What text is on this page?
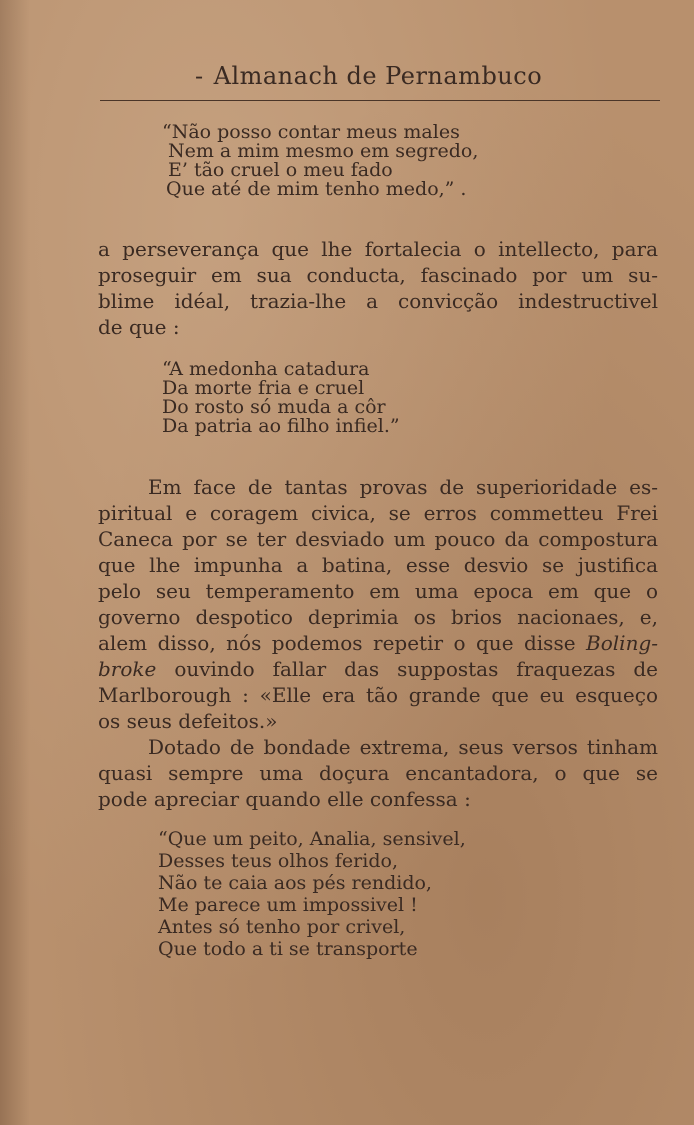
- Almanach de Pernambuco
“Não posso contar meus males
Nem a mim mesmo em segredo,
E’ tão cruel o meu fado
Que até de mim tenho medo,” .
a perseverança que lhe fortalecia o intellecto, para
proseguir em sua conducta, fascinado por um su-
blime idéal, trazia-lhe a convicção indestructivel
de que :
“A medonha catadura
Da morte fria e cruel
Do rosto só muda a côr
Da patria ao filho infiel.”
Em face de tantas provas de superioridade es-
piritual e coragem civica, se erros commetteu Frei
Caneca por se ter desviado um pouco da compostura
que lhe impunha a batina, esse desvio se justifica
pelo seu temperamento em uma epoca em que o
governo despotico deprimia os brios nacionaes, e,
alem disso, nós podemos repetir o que disse Boling-
broke ouvindo fallar das suppostas fraquezas de
Marlborough : «Elle era tão grande que eu esqueço
os seus defeitos.»
Dotado de bondade extrema, seus versos tinham
quasi sempre uma doçura encantadora, o que se
pode apreciar quando elle confessa :
“Que um peito, Analia, sensivel,
Desses teus olhos ferido,
Não te caia aos pés rendido,
Me parece um impossivel !
Antes só tenho por crivel,
Que todo a ti se transporte
